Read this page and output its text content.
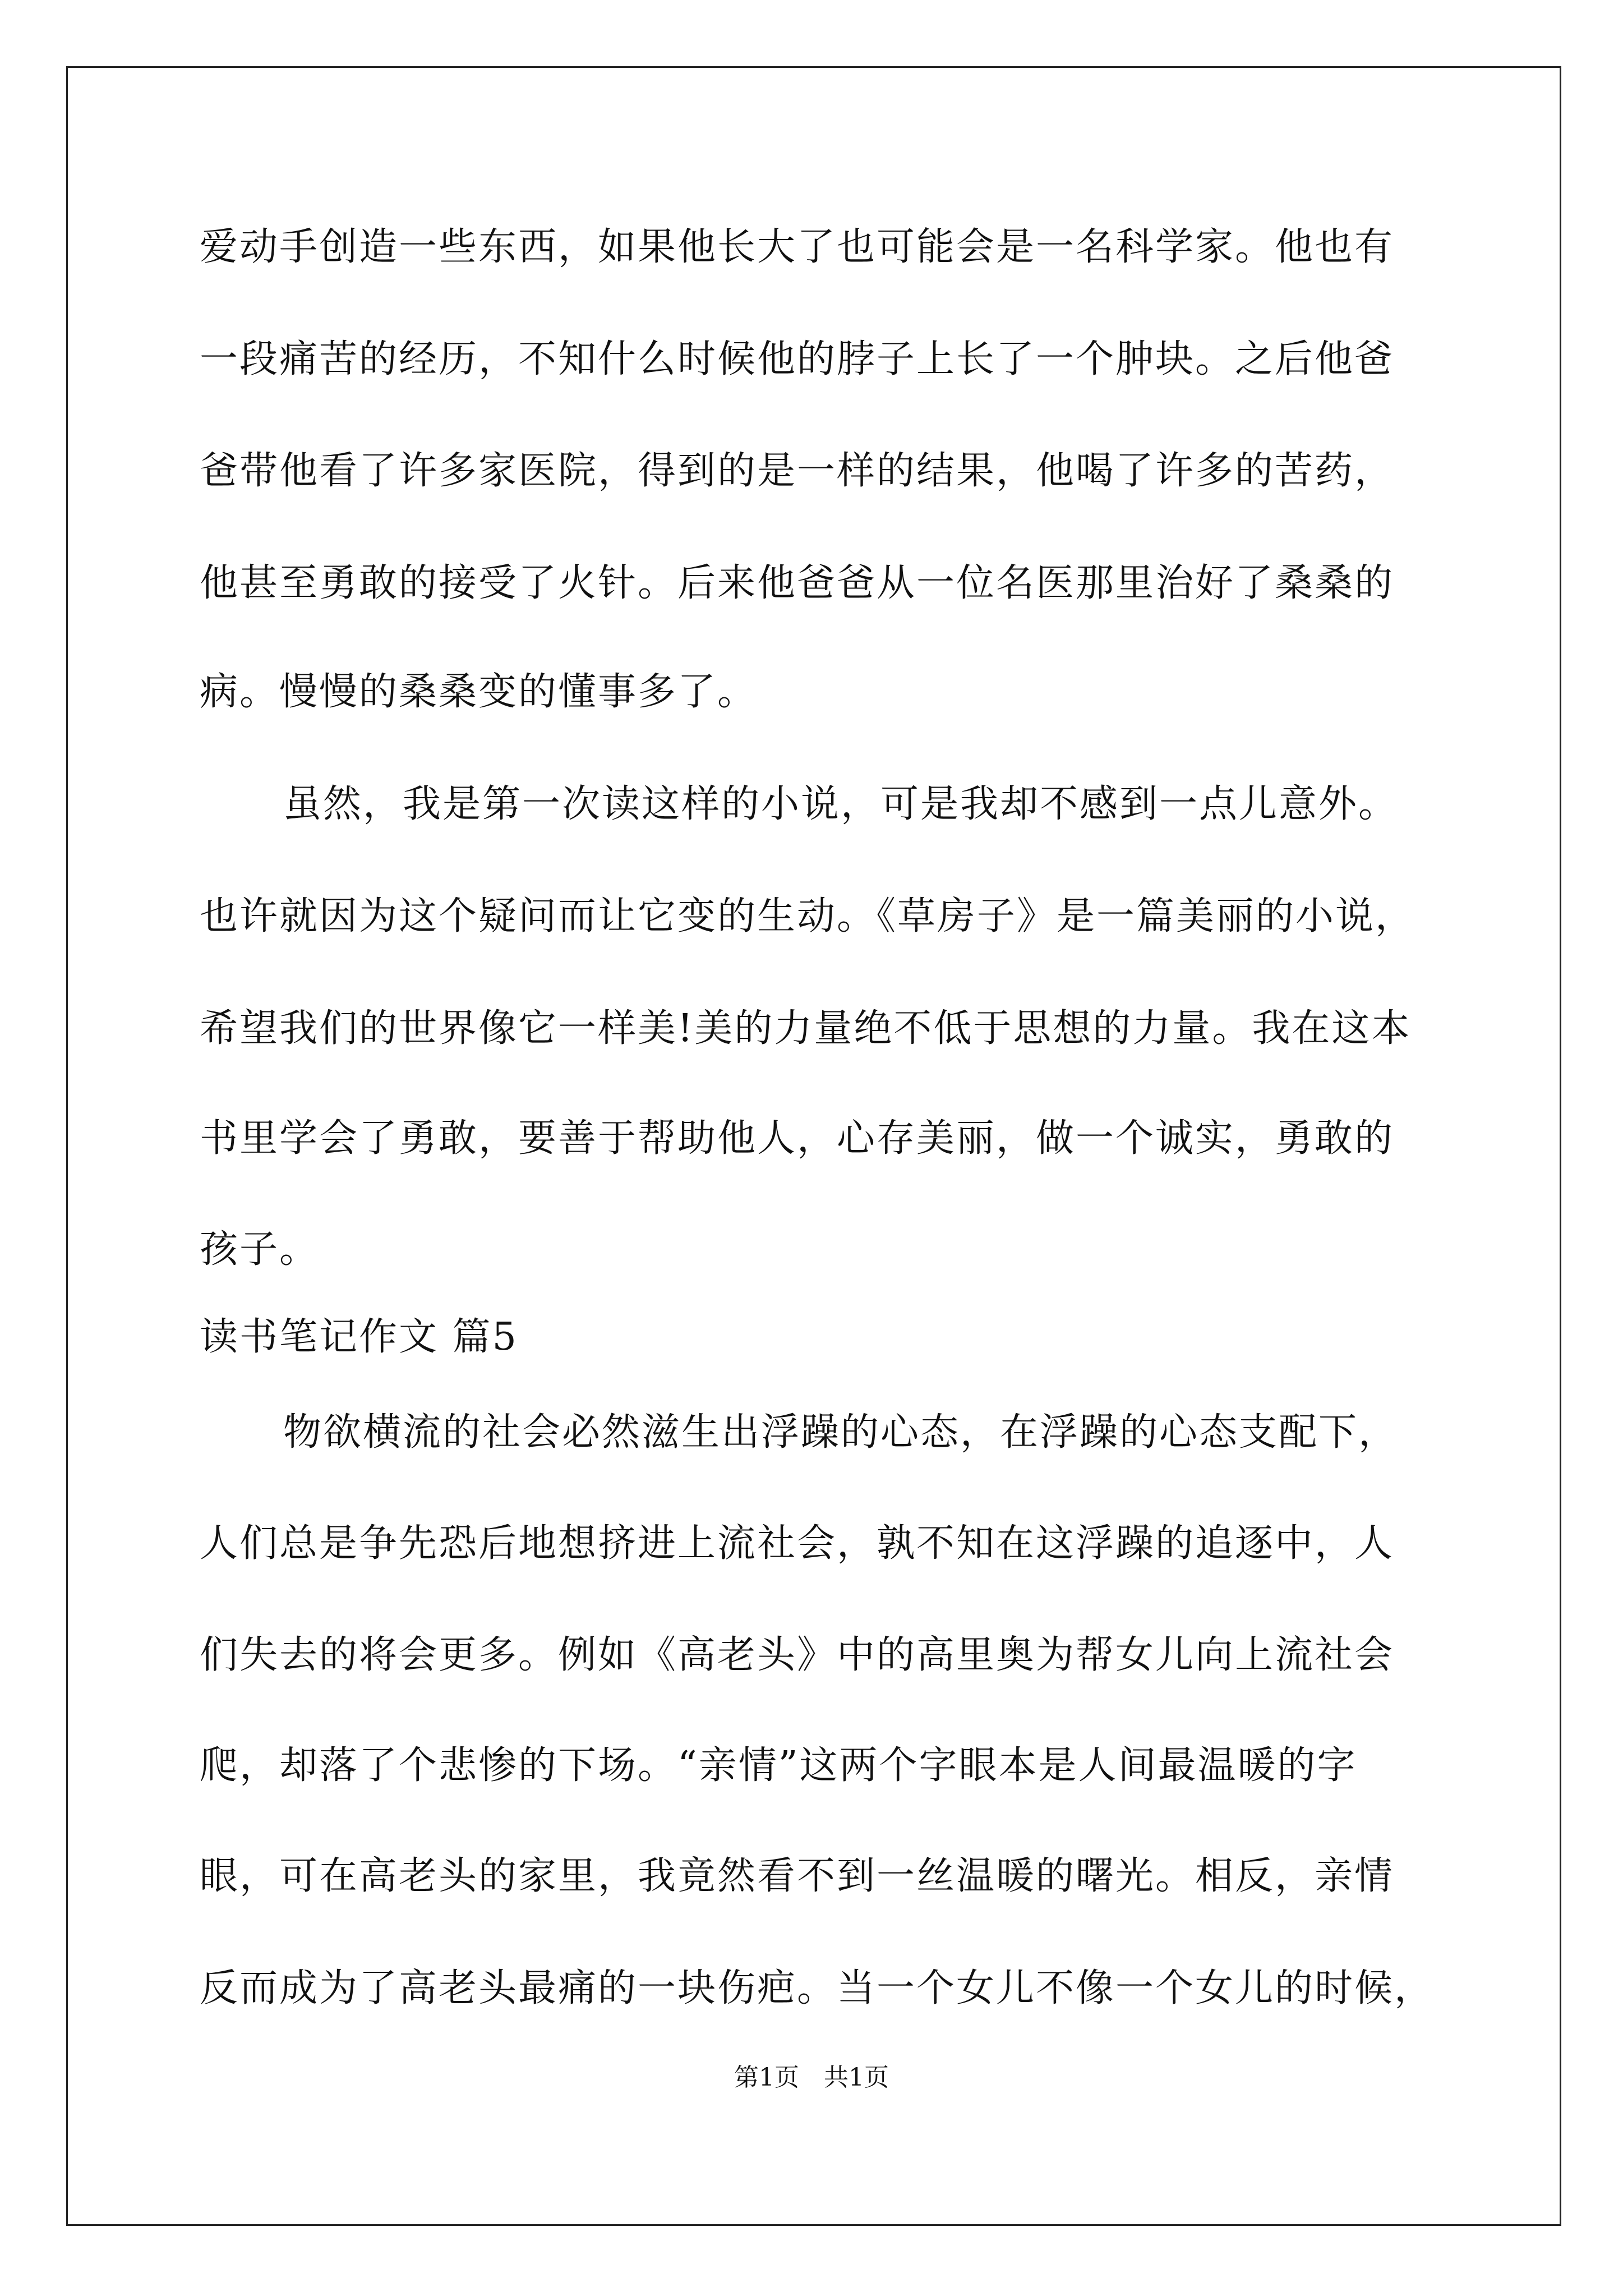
爱动手创造一些东西，如果他长大了也可能会是一名科学家。他也有
一段痛苦的经历，不知什么时候他的脖子上长了一个肿块。之后他爸
爸带他看了许多家医院，得到的是一样的结果，他喝了许多的苦药，
他甚至勇敢的接受了火针。后来他爸爸从一位名医那里治好了桑桑的
病。慢慢的桑桑变的懂事多了。
虽然，我是第一次读这样的小说，可是我却不感到一点儿意外。
也许就因为这个疑问而让它变的生动。《草房子》是一篇美丽的小说，
希望我们的世界像它一样美!美的力量绝不低于思想的力量。我在这本
书里学会了勇敢，要善于帮助他人，心存美丽，做一个诚实，勇敢的
孩子。
读书笔记作文 篇5
物欲横流的社会必然滋生出浮躁的心态，在浮躁的心态支配下，
人们总是争先恐后地想挤进上流社会，孰不知在这浮躁的追逐中，人
们失去的将会更多。例如《高老头》中的高里奥为帮女儿向上流社会
爬，却落了个悲惨的下场。“亲情”这两个字眼本是人间最温暖的字
眼，可在高老头的家里，我竟然看不到一丝温暖的曙光。相反，亲情
反而成为了高老头最痛的一块伤疤。当一个女儿不像一个女儿的时候，
第1页 共1页
